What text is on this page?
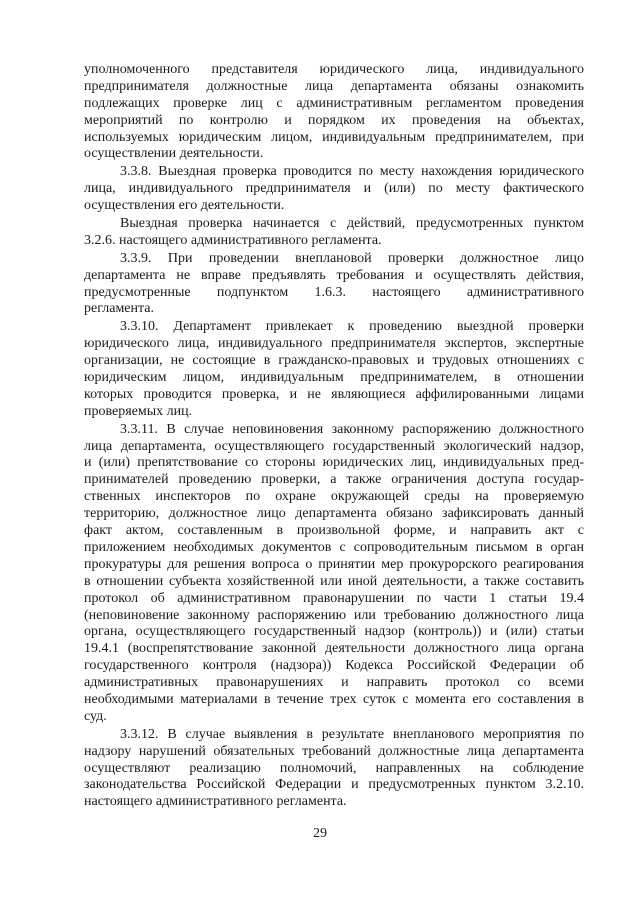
уполномоченного представителя юридического лица, индивидуального
предпринимателя должностные лица департамента обязаны ознакомить
подлежащих проверке лиц с административным регламентом проведения
мероприятий по контролю и порядком их проведения на объектах,
используемых юридическим лицом, индивидуальным предпринимателем, при
осуществлении деятельности.
3.3.8. Выездная проверка проводится по месту нахождения юридического
лица, индивидуального предпринимателя и (или) по месту фактического
осуществления его деятельности.
Выездная проверка начинается с действий, предусмотренных пунктом
3.2.6. настоящего административного регламента.
3.3.9. При проведении внеплановой проверки должностное лицо
департамента не вправе предъявлять требования и осуществлять действия,
предусмотренные подпунктом 1.6.3. настоящего административного
регламента.
3.3.10. Департамент привлекает к проведению выездной проверки
юридического лица, индивидуального предпринимателя экспертов, экспертные
организации, не состоящие в гражданско-правовых и трудовых отношениях с
юридическим лицом, индивидуальным предпринимателем, в отношении
которых проводится проверка, и не являющиеся аффилированными лицами
проверяемых лиц.
3.3.11. В случае неповиновения законному распоряжению должностного
лица департамента, осуществляющего государственный экологический надзор,
и (или) препятствование со стороны юридических лиц, индивидуальных пред-
принимателей проведению проверки, а также ограничения доступа государ-
ственных инспекторов по охране окружающей среды на проверяемую
территорию, должностное лицо департамента обязано зафиксировать данный
факт актом, составленным в произвольной форме, и направить акт с
приложением необходимых документов с сопроводительным письмом в орган
прокуратуры для решения вопроса о принятии мер прокурорского реагирования
в отношении субъекта хозяйственной или иной деятельности, а также составить
протокол об административном правонарушении по части 1 статьи 19.4
(неповиновение законному распоряжению или требованию должностного лица
органа, осуществляющего государственный надзор (контроль)) и (или) статьи
19.4.1 (воспрепятствование законной деятельности должностного лица органа
государственного контроля (надзора)) Кодекса Российской Федерации об
административных правонарушениях и направить протокол со всеми
необходимыми материалами в течение трех суток с момента его составления в
суд.
3.3.12. В случае выявления в результате внепланового мероприятия по
надзору нарушений обязательных требований должностные лица департамента
осуществляют реализацию полномочий, направленных на соблюдение
законодательства Российской Федерации и предусмотренных пунктом 3.2.10.
настоящего административного регламента.
29
